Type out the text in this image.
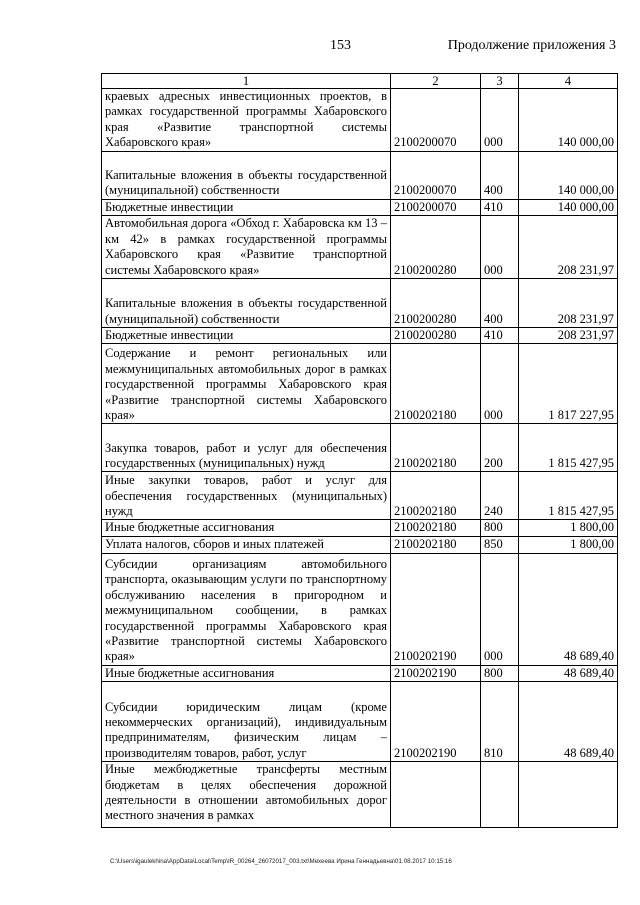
153	Продолжение приложения 3
1	2	3	4
краевых адресных инвестиционных проектов, в рамках государственной программы Хабаровского края «Развитие транспортной системы Хабаровского края»	2100200070	000	140 000,00
Капитальные вложения в объекты государственной (муниципальной) собственности	2100200070	400	140 000,00
Бюджетные инвестиции	2100200070	410	140 000,00
Автомобильная дорога «Обход г. Хабаровска км 13 – км 42» в рамках государственной программы Хабаровского края «Развитие транспортной системы Хабаровского края»	2100200280	000	208 231,97
Капитальные вложения в объекты государственной (муниципальной) собственности	2100200280	400	208 231,97
Бюджетные инвестиции	2100200280	410	208 231,97
Содержание и ремонт региональных или межмуниципальных автомобильных дорог в рамках государственной программы Хабаровского края «Развитие транспортной системы Хабаровского края»	2100202180	000	1 817 227,95
Закупка товаров, работ и услуг для обеспечения государственных (муниципальных) нужд	2100202180	200	1 815 427,95
Иные закупки товаров, работ и услуг для обеспечения государственных (муниципальных) нужд	2100202180	240	1 815 427,95
Иные бюджетные ассигнования	2100202180	800	1 800,00
Уплата налогов, сборов и иных платежей	2100202180	850	1 800,00
Субсидии организациям автомобильного транспорта, оказывающим услуги по транспортному обслуживанию населения в пригородном и межмуниципальном сообщении, в рамках государственной программы Хабаровского края «Развитие транспортной системы Хабаровского края»	2100202190	000	48 689,40
Иные бюджетные ассигнования	2100202190	800	48 689,40
Субсидии юридическим лицам (кроме некоммерческих организаций), индивидуальным предпринимателям, физическим лицам – производителям товаров, работ, услуг	2100202190	810	48 689,40
Иные межбюджетные трансферты местным бюджетам в целях обеспечения дорожной деятельности в отношении автомобильных дорог местного значения в рамках			
C:\Users\igaulekhina\AppData\Local\Temp\IR_00264_26072017_003.txt\Мехеева Ирина Геннадьевна\01.08.2017 10:15:16
